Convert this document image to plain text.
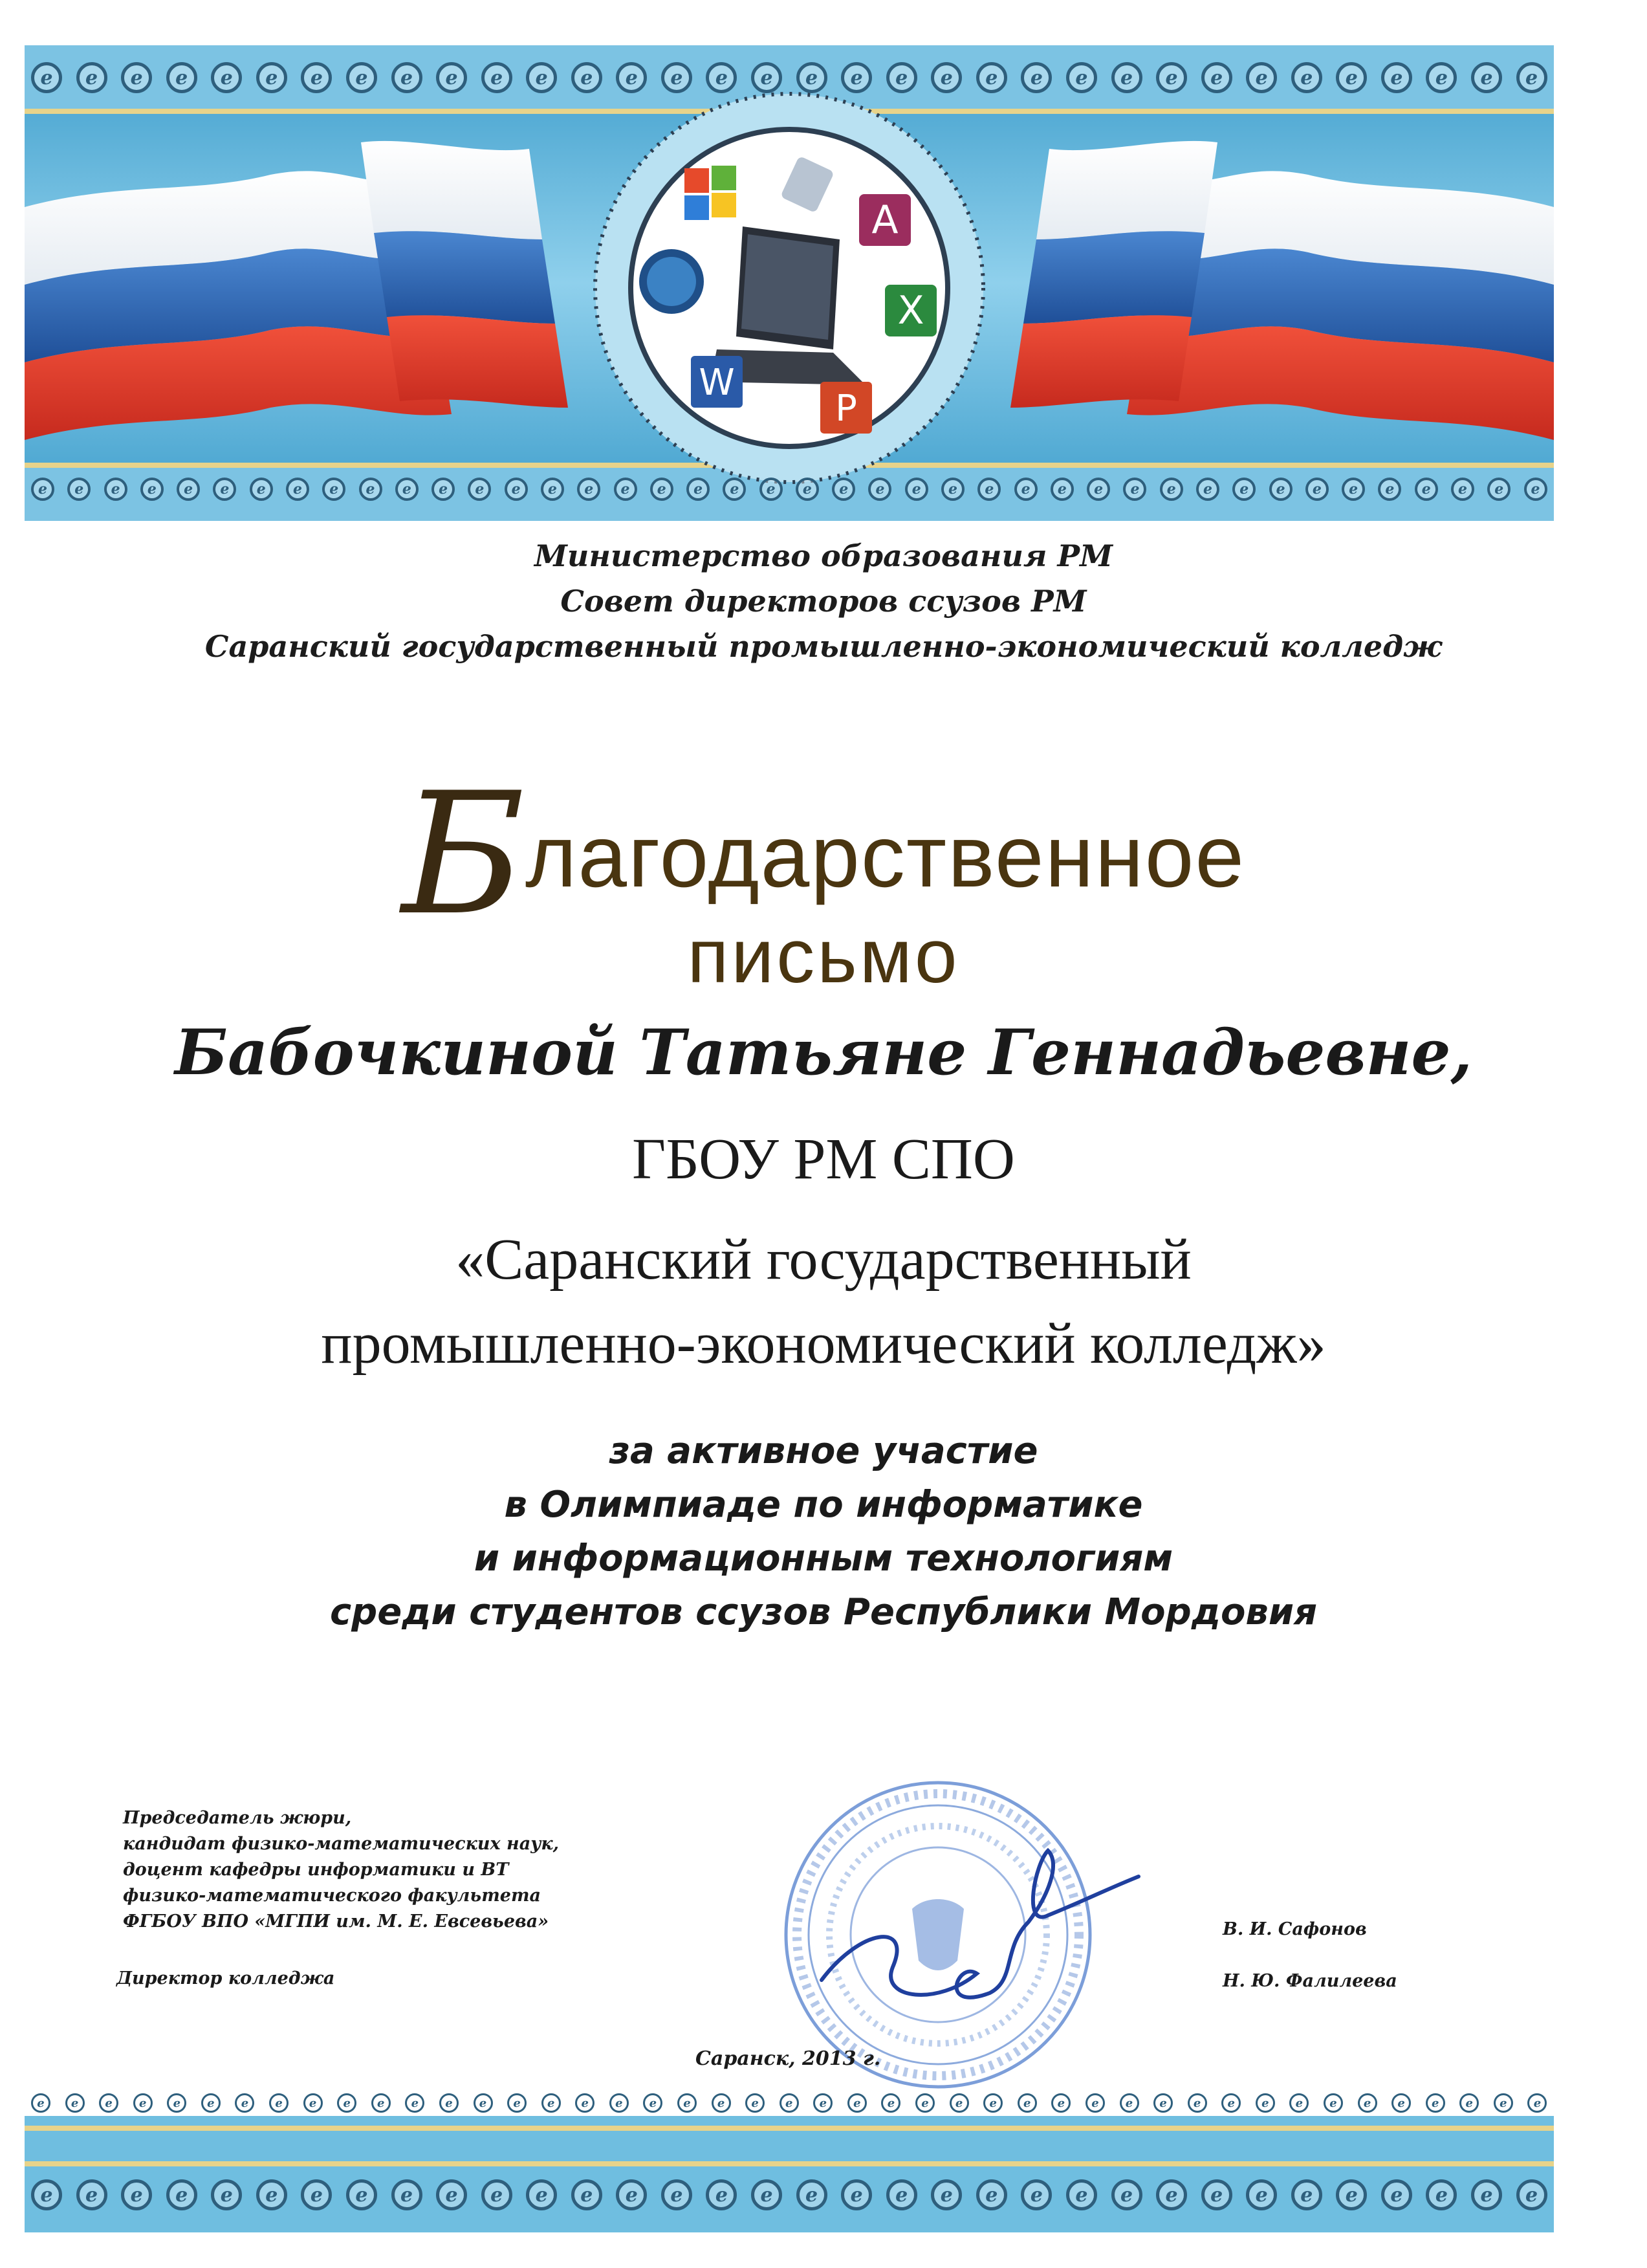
A
X
W
P
e	e	e	e	e	e	e	e	e	e	e	e	e	e	e	e	e	e	e	e	e	e	e	e	e	e	e	e	e	e	e	e	e	e
e	e	e	e	e	e	e	e	e	e	e	e	e	e	e	e	e	e	e	e	e	e	e	e	e	e	e	e	e	e	e	e	e	e	e	e	e	e	e	e	e	e
Министерство образования РМ
Совет директоров ссузов РМ
Саранский государственный промышленно-экономический колледж
Благодарственное
письмо
Бабочкиной Татьяне Геннадьевне,
ГБОУ РМ СПО
«Саранский государственный
промышленно-экономический колледж»
за активное участие
в Олимпиаде по информатике
и информационным технологиям
среди студентов ссузов Республики Мордовия
Председатель жюри,
кандидат физико-математических наук,
доцент кафедры информатики и ВТ
физико-математического факультета
ФГБОУ ВПО «МГПИ им. М. Е. Евсевьева»
Директор колледжа
В. И. Сафонов
Н. Ю. Фалилеева
Саранск, 2013 г.
e	e	e	e	e	e	e	e	e	e	e	e	e	e	e	e	e	e	e	e	e	e	e	e	e	e	e	e	e	e	e	e	e	e	e	e	e	e	e	e	e	e	e	e	e
e	e	e	e	e	e	e	e	e	e	e	e	e	e	e	e	e	e	e	e	e	e	e	e	e	e	e	e	e	e	e	e	e	e
